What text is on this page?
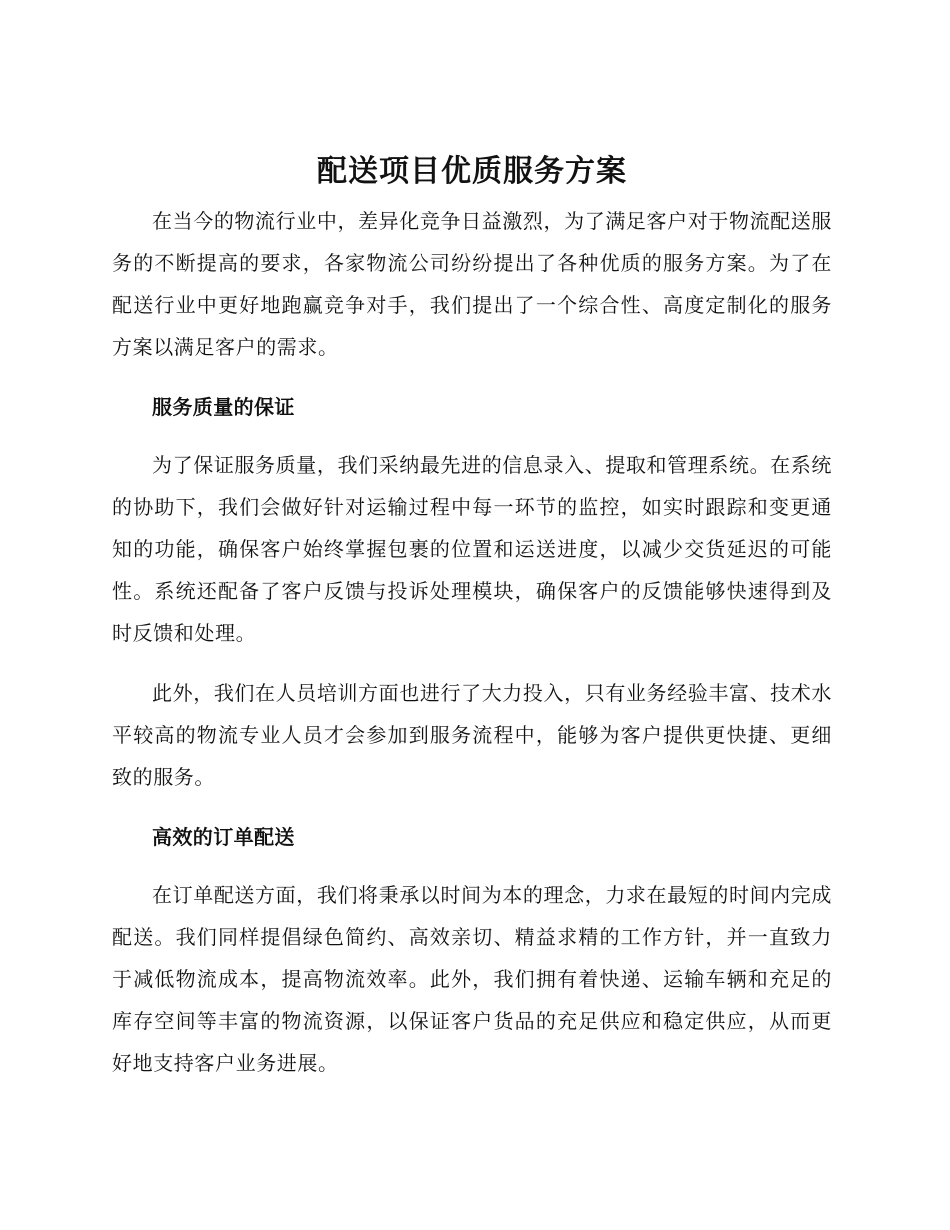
配送项目优质服务方案

在当今的物流行业中，差异化竞争日益激烈，为了满足客户对于物流配送服务的不断提高的要求，各家物流公司纷纷提出了各种优质的服务方案。为了在配送行业中更好地跑赢竞争对手，我们提出了一个综合性、高度定制化的服务方案以满足客户的需求。

服务质量的保证

为了保证服务质量，我们采纳最先进的信息录入、提取和管理系统。在系统的协助下，我们会做好针对运输过程中每一环节的监控，如实时跟踪和变更通知的功能，确保客户始终掌握包裹的位置和运送进度，以减少交货延迟的可能性。系统还配备了客户反馈与投诉处理模块，确保客户的反馈能够快速得到及时反馈和处理。

此外，我们在人员培训方面也进行了大力投入，只有业务经验丰富、技术水平较高的物流专业人员才会参加到服务流程中，能够为客户提供更快捷、更细致的服务。

高效的订单配送

在订单配送方面，我们将秉承以时间为本的理念，力求在最短的时间内完成配送。我们同样提倡绿色简约、高效亲切、精益求精的工作方针，并一直致力于减低物流成本，提高物流效率。此外，我们拥有着快递、运输车辆和充足的库存空间等丰富的物流资源，以保证客户货品的充足供应和稳定供应，从而更好地支持客户业务进展。
